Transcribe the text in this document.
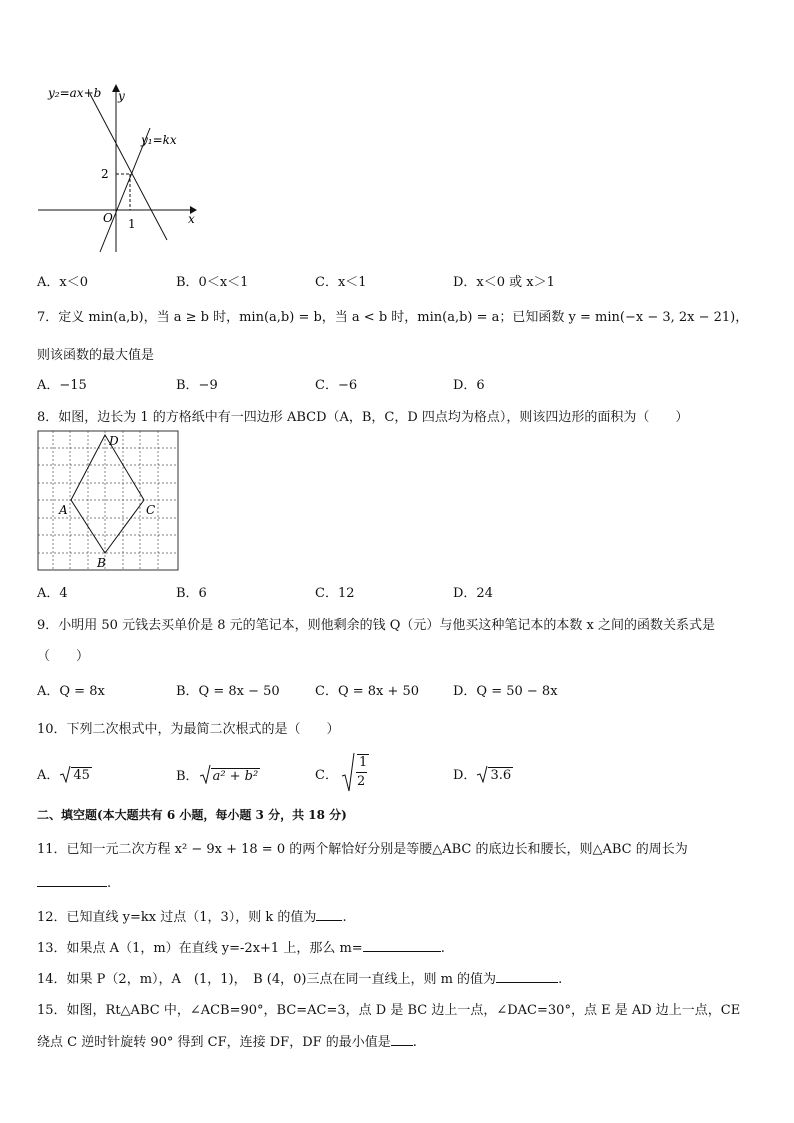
y₂=ax+b y
y₁=kx
2
O 1	x
A．x＜0	B．0＜x＜1	C．x＜1	D．x＜0 或 x＞1
7．定义 min(a,b)，当 a ≥ b 时，min(a,b) = b，当 a < b 时，min(a,b) = a；已知函数 y = min(−x − 3, 2x − 21)，
则该函数的最大值是
A．−15	B．−9	C．−6	D．6
8．如图，边长为 1 的方格纸中有一四边形 ABCD（A，B，C，D 四点均为格点），则该四边形的面积为（　　）
D
A	C
B
A．4	B．6	C．12	D．24
9．小明用 50 元钱去买单价是 8 元的笔记本，则他剩余的钱 Q（元）与他买这种笔记本的本数 x 之间的函数关系式是
（　　）
A．Q = 8x	B．Q = 8x − 50	C．Q = 8x + 50	D．Q = 50 − 8x
10．下列二次根式中，为最简二次根式的是（　　）
A． 45	B． a² + b²	C．
1
2	D． 3.6
二、填空题(本大题共有 6 小题，每小题 3 分，共 18 分)
11．已知一元二次方程 x² − 9x + 18 = 0 的两个解恰好分别是等腰△ABC 的底边长和腰长，则△ABC 的周长为
.
12．已知直线 y=kx 过点（1，3），则 k 的值为 .
13．如果点 A（1，m）在直线 y=-2x+1 上，那么 m=	.
14．如果 P（2，m），A　(1，1)，　B (4，0)三点在同一直线上，则 m 的值为	.
15．如图，Rt△ABC 中，∠ACB=90°，BC=AC=3，点 D 是 BC 边上一点，∠DAC=30°，点 E 是 AD 边上一点，CE
绕点 C 逆时针旋转 90° 得到 CF，连接 DF，DF 的最小值是 .
